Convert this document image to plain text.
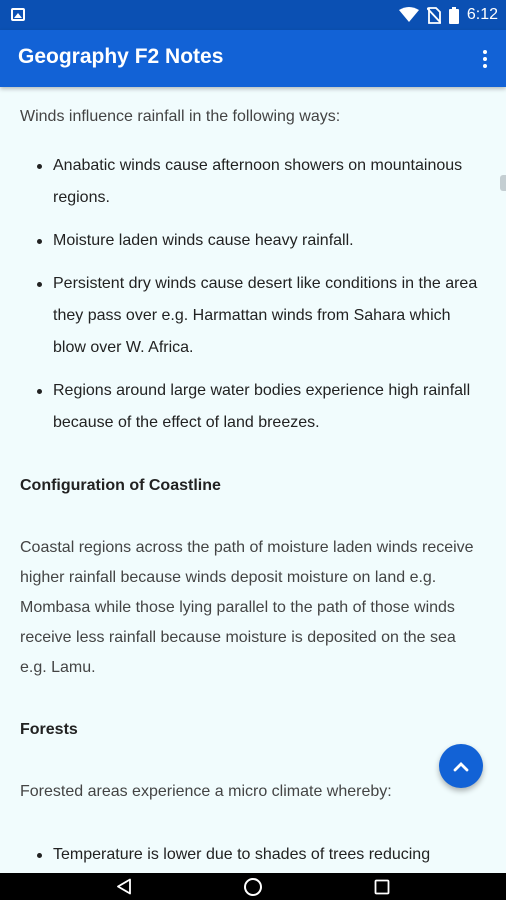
6:12
Geography F2 Notes

Winds influence rainfall in the following ways:

Anabatic winds cause afternoon showers on mountainous regions.
Moisture laden winds cause heavy rainfall.
Persistent dry winds cause desert like conditions in the area they pass over e.g. Harmattan winds from Sahara which blow over W. Africa.
Regions around large water bodies experience high rainfall because of the effect of land breezes.
Configuration of Coastline

Coastal regions across the path of moisture laden winds receive higher rainfall because winds deposit moisture on land e.g. Mombasa while those lying parallel to the path of those winds receive less rainfall because moisture is deposited on the sea e.g. Lamu.

Forests

Forested areas experience a micro climate whereby:

Temperature is lower due to shades of trees reducing
